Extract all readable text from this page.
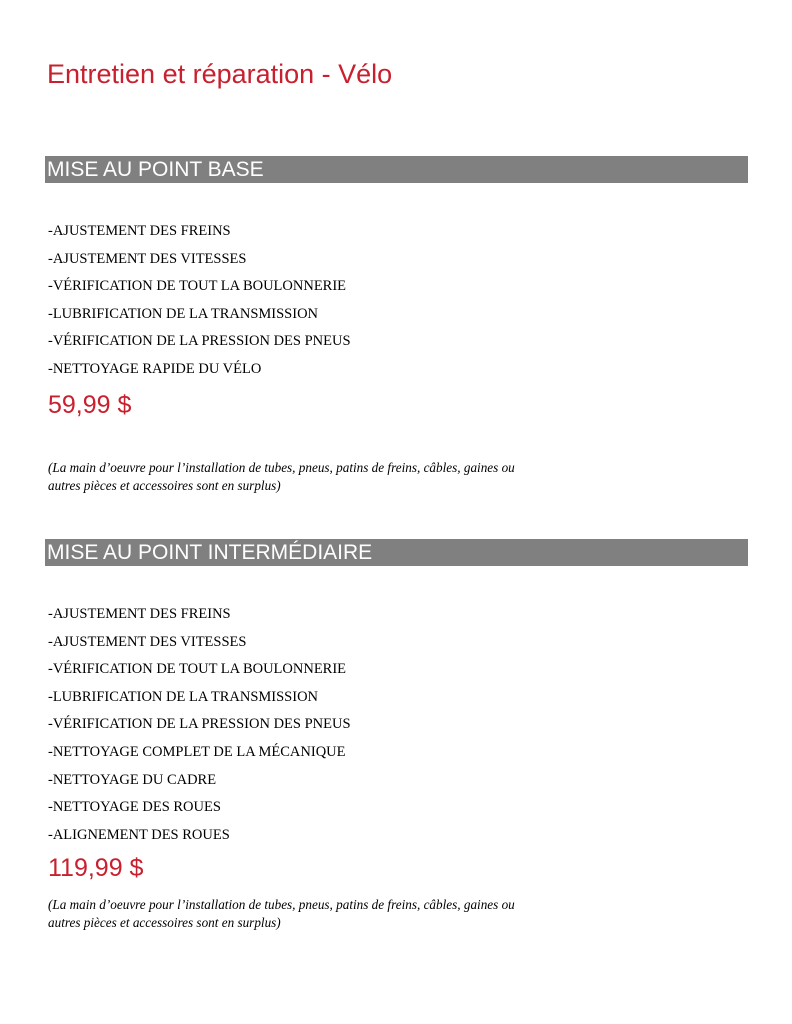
Entretien et réparation - Vélo
MISE AU POINT BASE
-AJUSTEMENT DES FREINS
-AJUSTEMENT DES VITESSES
-VÉRIFICATION DE TOUT LA BOULONNERIE
-LUBRIFICATION DE LA TRANSMISSION
-VÉRIFICATION DE LA PRESSION DES PNEUS
-NETTOYAGE RAPIDE DU VÉLO
59,99 $
(La main d’oeuvre pour l’installation de tubes, pneus, patins de freins, câbles, gaines ou
autres pièces et accessoires sont en surplus)
MISE AU POINT INTERMÉDIAIRE
-AJUSTEMENT DES FREINS
-AJUSTEMENT DES VITESSES
-VÉRIFICATION DE TOUT LA BOULONNERIE
-LUBRIFICATION DE LA TRANSMISSION
-VÉRIFICATION DE LA PRESSION DES PNEUS
-NETTOYAGE COMPLET DE LA MÉCANIQUE
-NETTOYAGE DU CADRE
-NETTOYAGE DES ROUES
-ALIGNEMENT DES ROUES
119,99 $
(La main d’oeuvre pour l’installation de tubes, pneus, patins de freins, câbles, gaines ou
autres pièces et accessoires sont en surplus)
